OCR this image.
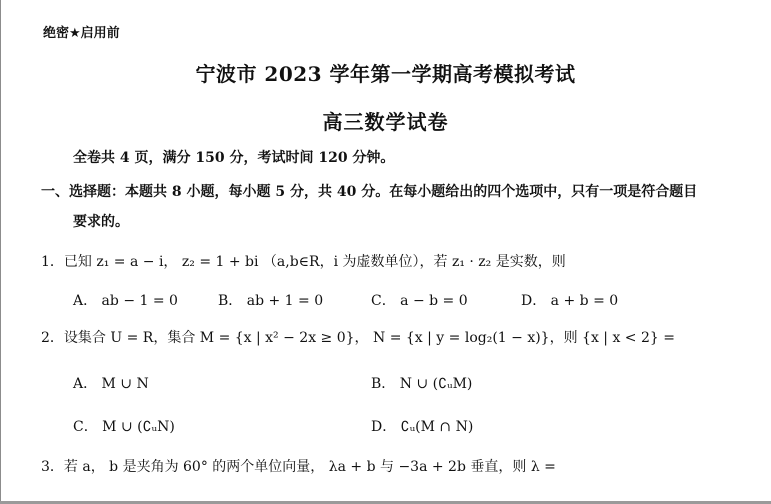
绝密★启用前
宁波市 2023 学年第一学期高考模拟考试
高三数学试卷
全卷共 4 页，满分 150 分，考试时间 120 分钟。
一、选择题：本题共 8 小题，每小题 5 分，共 40 分。在每小题给出的四个选项中，只有一项是符合题目
要求的。
1．已知 z₁ = a − i， z₂ = 1 + bi （a,b∈R，i 为虚数单位），若 z₁ · z₂ 是实数，则
A． ab − 1 = 0	B． ab + 1 = 0	C． a − b = 0	D． a + b = 0
2．设集合 U = R，集合 M = {x | x² − 2x ≥ 0}， N = {x | y = log₂(1 − x)}，则 {x | x < 2} =
A． M ∪ N	B． N ∪ (∁ᵤM)
C． M ∪ (∁ᵤN)	D． ∁ᵤ(M ∩ N)
3．若 a， b 是夹角为 60° 的两个单位向量， λa + b 与 −3a + 2b 垂直，则 λ =
